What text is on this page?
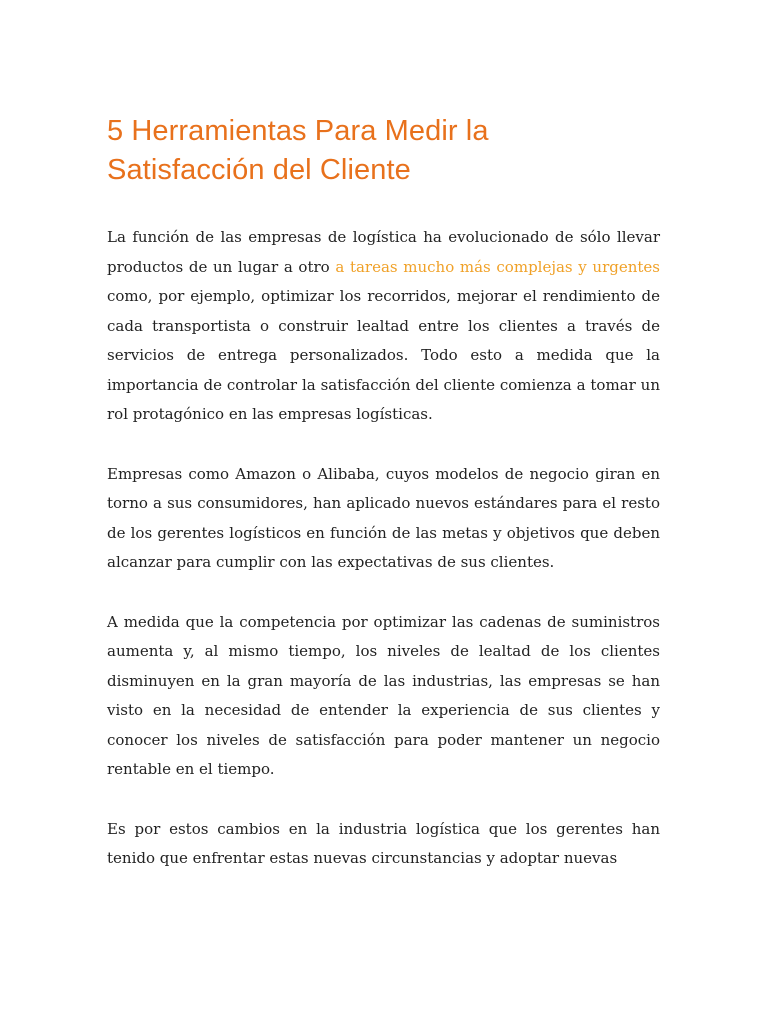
5 Herramientas Para Medir la
Satisfacción del Cliente

La función de las empresas de logística ha evolucionado de sólo llevar productos de un lugar a otro a tareas mucho más complejas y urgentes como, por ejemplo, optimizar los recorridos, mejorar el rendimiento de cada transportista o construir lealtad entre los clientes a través de servicios de entrega personalizados. Todo esto a medida que la importancia de controlar la satisfacción del cliente comienza a tomar un rol protagónico en las empresas logísticas.

Empresas como Amazon o Alibaba, cuyos modelos de negocio giran en torno a sus consumidores, han aplicado nuevos estándares para el resto de los gerentes logísticos en función de las metas y objetivos que deben alcanzar para cumplir con las expectativas de sus clientes.

A medida que la competencia por optimizar las cadenas de suministros aumenta y, al mismo tiempo, los niveles de lealtad de los clientes disminuyen en la gran mayoría de las industrias, las empresas se han visto en la necesidad de entender la experiencia de sus clientes y conocer los niveles de satisfacción para poder mantener un negocio rentable en el tiempo.

Es por estos cambios en la industria logística que los gerentes han tenido que enfrentar estas nuevas circunstancias y adoptar nuevas
